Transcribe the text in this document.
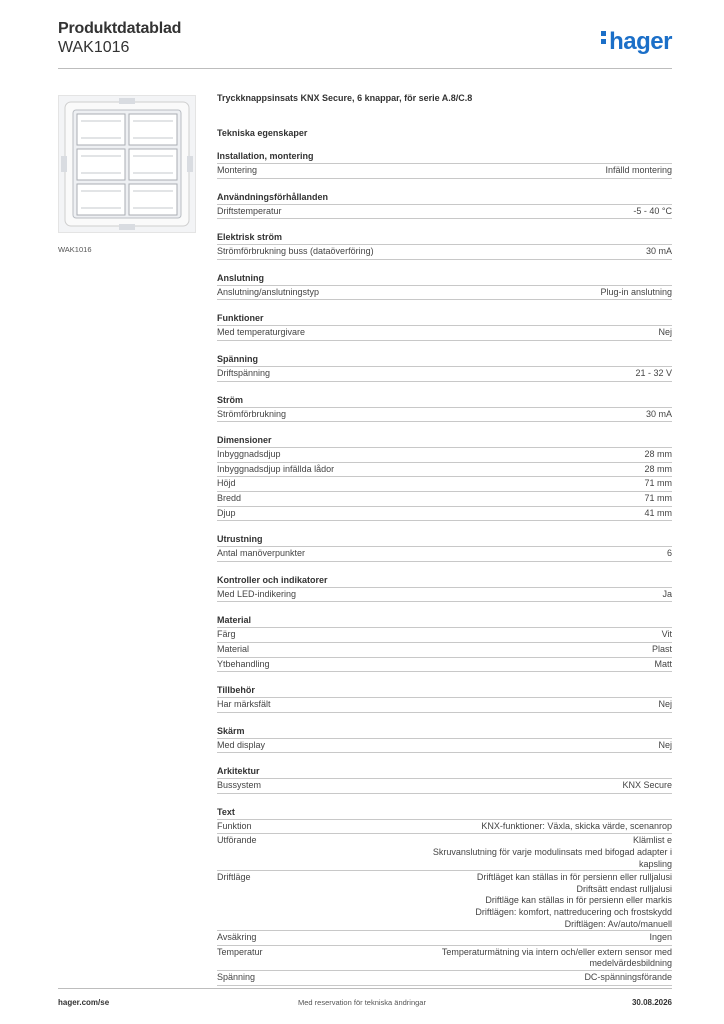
Produktdatablad
WAK1016	hager
WAK1016
Tryckknappsinsats KNX Secure, 6 knappar, för serie A.8/C.8
Tekniska egenskaper
Installation, montering
Montering	Infälld montering
Användningsförhållanden
Driftstemperatur	-5 - 40 °C
Elektrisk ström
Strömförbrukning buss (dataöverföring)	30 mA
Anslutning
Anslutning/anslutningstyp	Plug-in anslutning
Funktioner
Med temperaturgivare	Nej
Spänning
Driftspänning	21 - 32 V
Ström
Strömförbrukning	30 mA
Dimensioner
Inbyggnadsdjup	28 mm
Inbyggnadsdjup infällda lådor	28 mm
Höjd	71 mm
Bredd	71 mm
Djup	41 mm
Utrustning
Antal manöverpunkter	6
Kontroller och indikatorer
Med LED-indikering	Ja
Material
Färg	Vit
Material	Plast
Ytbehandling	Matt
Tillbehör
Har märksfält	Nej
Skärm
Med display	Nej
Arkitektur
Bussystem	KNX Secure
Text
Funktion	KNX-funktioner: Växla, skicka värde, scenanrop
Utförande	Klämlist e
Skruvanslutning för varje modulinsats med bifogad adapter i
kapsling
Driftläge	Driftläget kan ställas in för persienn eller rulljalusi
Driftsätt endast rulljalusi
Driftläge kan ställas in för persienn eller markis
Driftlägen: komfort, nattreducering och frostskydd
Driftlägen: Av/auto/manuell
Avsäkring	Ingen
Temperatur	Temperaturmätning via intern och/eller extern sensor med
medelvärdesbildning
Spänning	DC-spänningsförande
hager.com/se	Med reservation för tekniska ändringar	30.08.2026
